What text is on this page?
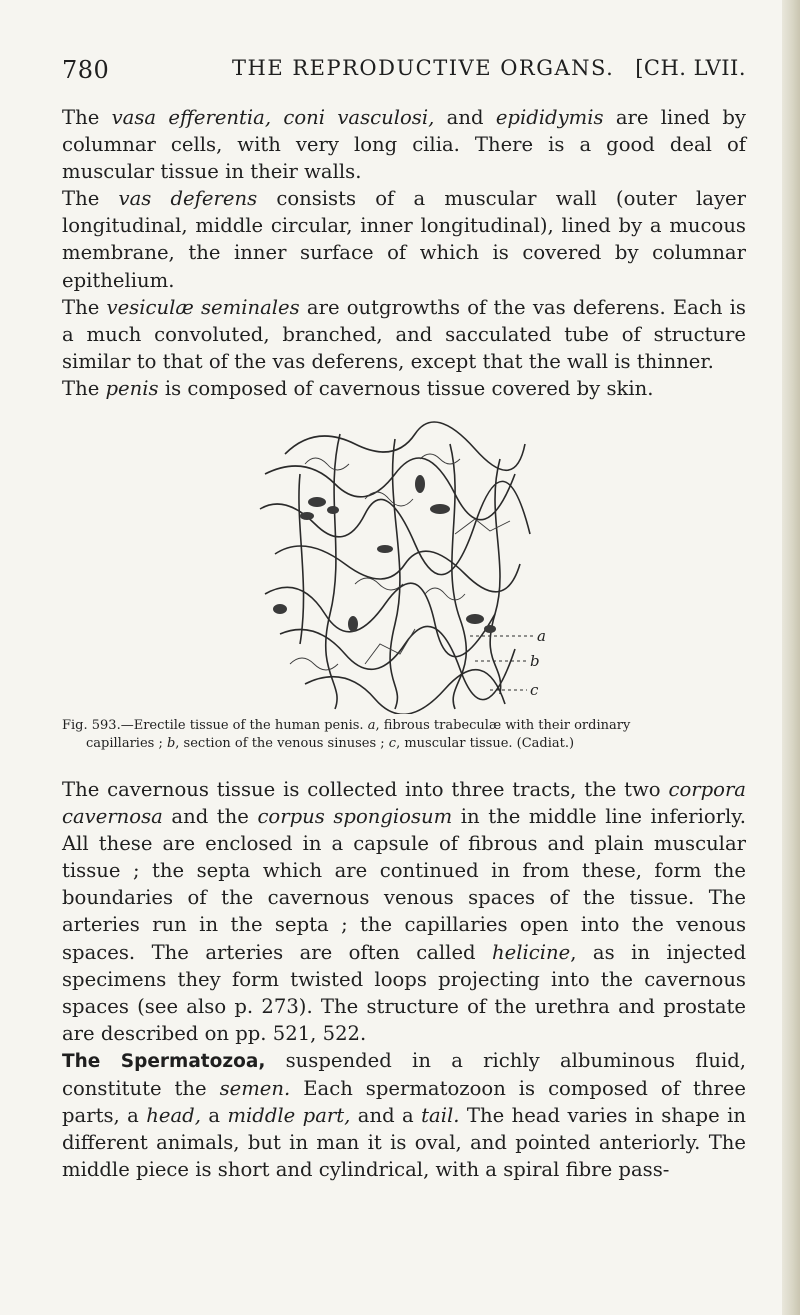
780	THE REPRODUCTIVE ORGANS. [CH. LVII.

The vasa efferentia, coni vasculosi, and epididymis are lined by columnar cells, with very long cilia. There is a good deal of muscular tissue in their walls.

The vas deferens consists of a muscular wall (outer layer longitudinal, middle circular, inner longitudinal), lined by a mucous membrane, the inner surface of which is covered by columnar epithelium.

The vesiculæ seminales are outgrowths of the vas deferens. Each is a much convoluted, branched, and sacculated tube of structure similar to that of the vas deferens, except that the wall is thinner.

The penis is composed of cavernous tissue covered by skin.

a
b
c
Fig. 593.—Erectile tissue of the human penis. a, fibrous trabeculæ with their ordinary
capillaries ; b, section of the venous sinuses ; c, muscular tissue. (Cadiat.)

The cavernous tissue is collected into three tracts, the two corpora cavernosa and the corpus spongiosum in the middle line inferiorly. All these are enclosed in a capsule of fibrous and plain muscular tissue ; the septa which are continued in from these, form the boundaries of the cavernous venous spaces of the tissue. The arteries run in the septa ; the capillaries open into the venous spaces. The arteries are often called helicine, as in injected specimens they form twisted loops projecting into the cavernous spaces (see also p. 273). The structure of the urethra and prostate are described on pp. 521, 522.

The Spermatozoa, suspended in a richly albuminous fluid, constitute the semen. Each spermatozoon is composed of three parts, a head, a middle part, and a tail. The head varies in shape in different animals, but in man it is oval, and pointed anteriorly. The middle piece is short and cylindrical, with a spiral fibre pass-
